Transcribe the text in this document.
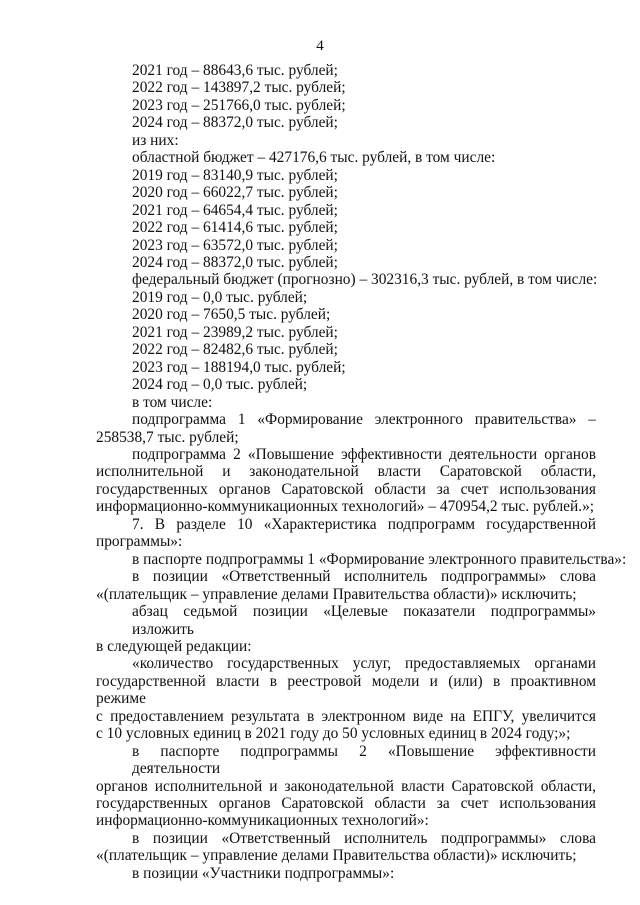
4
2021 год – 88643,6 тыс. рублей;
2022 год – 143897,2 тыс. рублей;
2023 год – 251766,0 тыс. рублей;
2024 год – 88372,0 тыс. рублей;
из них:
областной бюджет – 427176,6 тыс. рублей, в том числе:
2019 год – 83140,9 тыс. рублей;
2020 год – 66022,7 тыс. рублей;
2021 год – 64654,4 тыс. рублей;
2022 год – 61414,6 тыс. рублей;
2023 год – 63572,0 тыс. рублей;
2024 год – 88372,0 тыс. рублей;
федеральный бюджет (прогнозно) – 302316,3 тыс. рублей, в том числе:
2019 год – 0,0 тыс. рублей;
2020 год – 7650,5 тыс. рублей;
2021 год – 23989,2 тыс. рублей;
2022 год – 82482,6 тыс. рублей;
2023 год – 188194,0 тыс. рублей;
2024 год – 0,0 тыс. рублей;
в том числе:
подпрограмма 1 «Формирование электронного правительства» –
258538,7 тыс. рублей;
подпрограмма 2 «Повышение эффективности деятельности органов
исполнительной и законодательной власти Саратовской области,
государственных органов Саратовской области за счет использования
информационно-коммуникационных технологий» – 470954,2 тыс. рублей.»;
7. В разделе 10 «Характеристика подпрограмм государственной
программы»:
в паспорте подпрограммы 1 «Формирование электронного правительства»:
в позиции «Ответственный исполнитель подпрограммы» слова
«(плательщик – управление делами Правительства области)» исключить;
абзац седьмой позиции «Целевые показатели подпрограммы» изложить
в следующей редакции:
«количество государственных услуг, предоставляемых органами
государственной власти в реестровой модели и (или) в проактивном режиме
с предоставлением результата в электронном виде на ЕПГУ, увеличится
с 10 условных единиц в 2021 году до 50 условных единиц в 2024 году;»;
в паспорте подпрограммы 2 «Повышение эффективности деятельности
органов исполнительной и законодательной власти Саратовской области,
государственных органов Саратовской области за счет использования
информационно-коммуникационных технологий»:
в позиции «Ответственный исполнитель подпрограммы» слова
«(плательщик – управление делами Правительства области)» исключить;
в позиции «Участники подпрограммы»:
